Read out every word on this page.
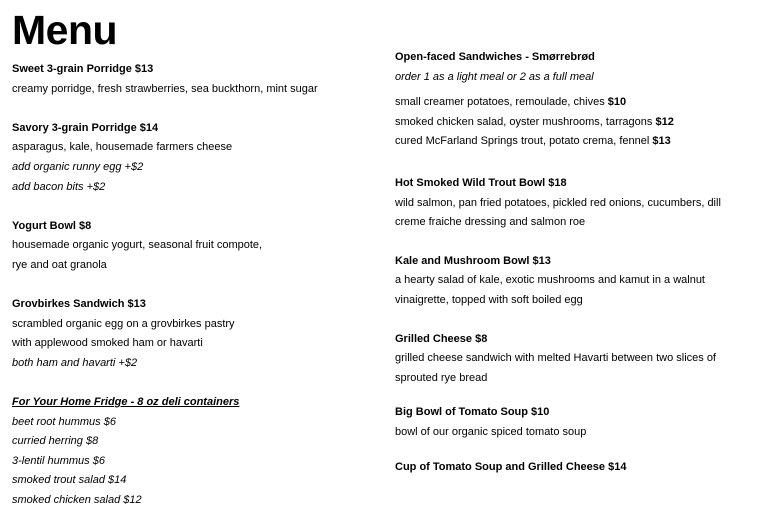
Menu
Sweet 3-grain Porridge $13
creamy porridge, fresh strawberries, sea buckthorn, mint sugar
Savory 3-grain Porridge $14
asparagus, kale, housemade farmers cheese
add organic runny egg +$2
add bacon bits +$2
Yogurt Bowl $8
housemade organic yogurt, seasonal fruit compote,
rye and oat granola
Grovbirkes Sandwich $13
scrambled organic egg on a grovbirkes pastry
with applewood smoked ham or havarti
both ham and havarti +$2
For Your Home Fridge - 8 oz deli containers
beet root hummus $6
curried herring $8
3-lentil hummus $6
smoked trout salad $14
smoked chicken salad $12
Open-faced Sandwiches - Smørrebrød
order 1 as a light meal or 2 as a full meal
small creamer potatoes, remoulade, chives $10
smoked chicken salad, oyster mushrooms, tarragons $12
cured McFarland Springs trout, potato crema, fennel $13
Hot Smoked Wild Trout Bowl $18
wild salmon, pan fried potatoes, pickled red onions, cucumbers, dill
creme fraiche dressing and salmon roe
Kale and Mushroom Bowl $13
a hearty salad of kale, exotic mushrooms and kamut in a walnut
vinaigrette, topped with soft boiled egg
Grilled Cheese $8
grilled cheese sandwich with melted Havarti between two slices of
sprouted rye bread
Big Bowl of Tomato Soup $10
bowl of our organic spiced tomato soup
Cup of Tomato Soup and Grilled Cheese $14
